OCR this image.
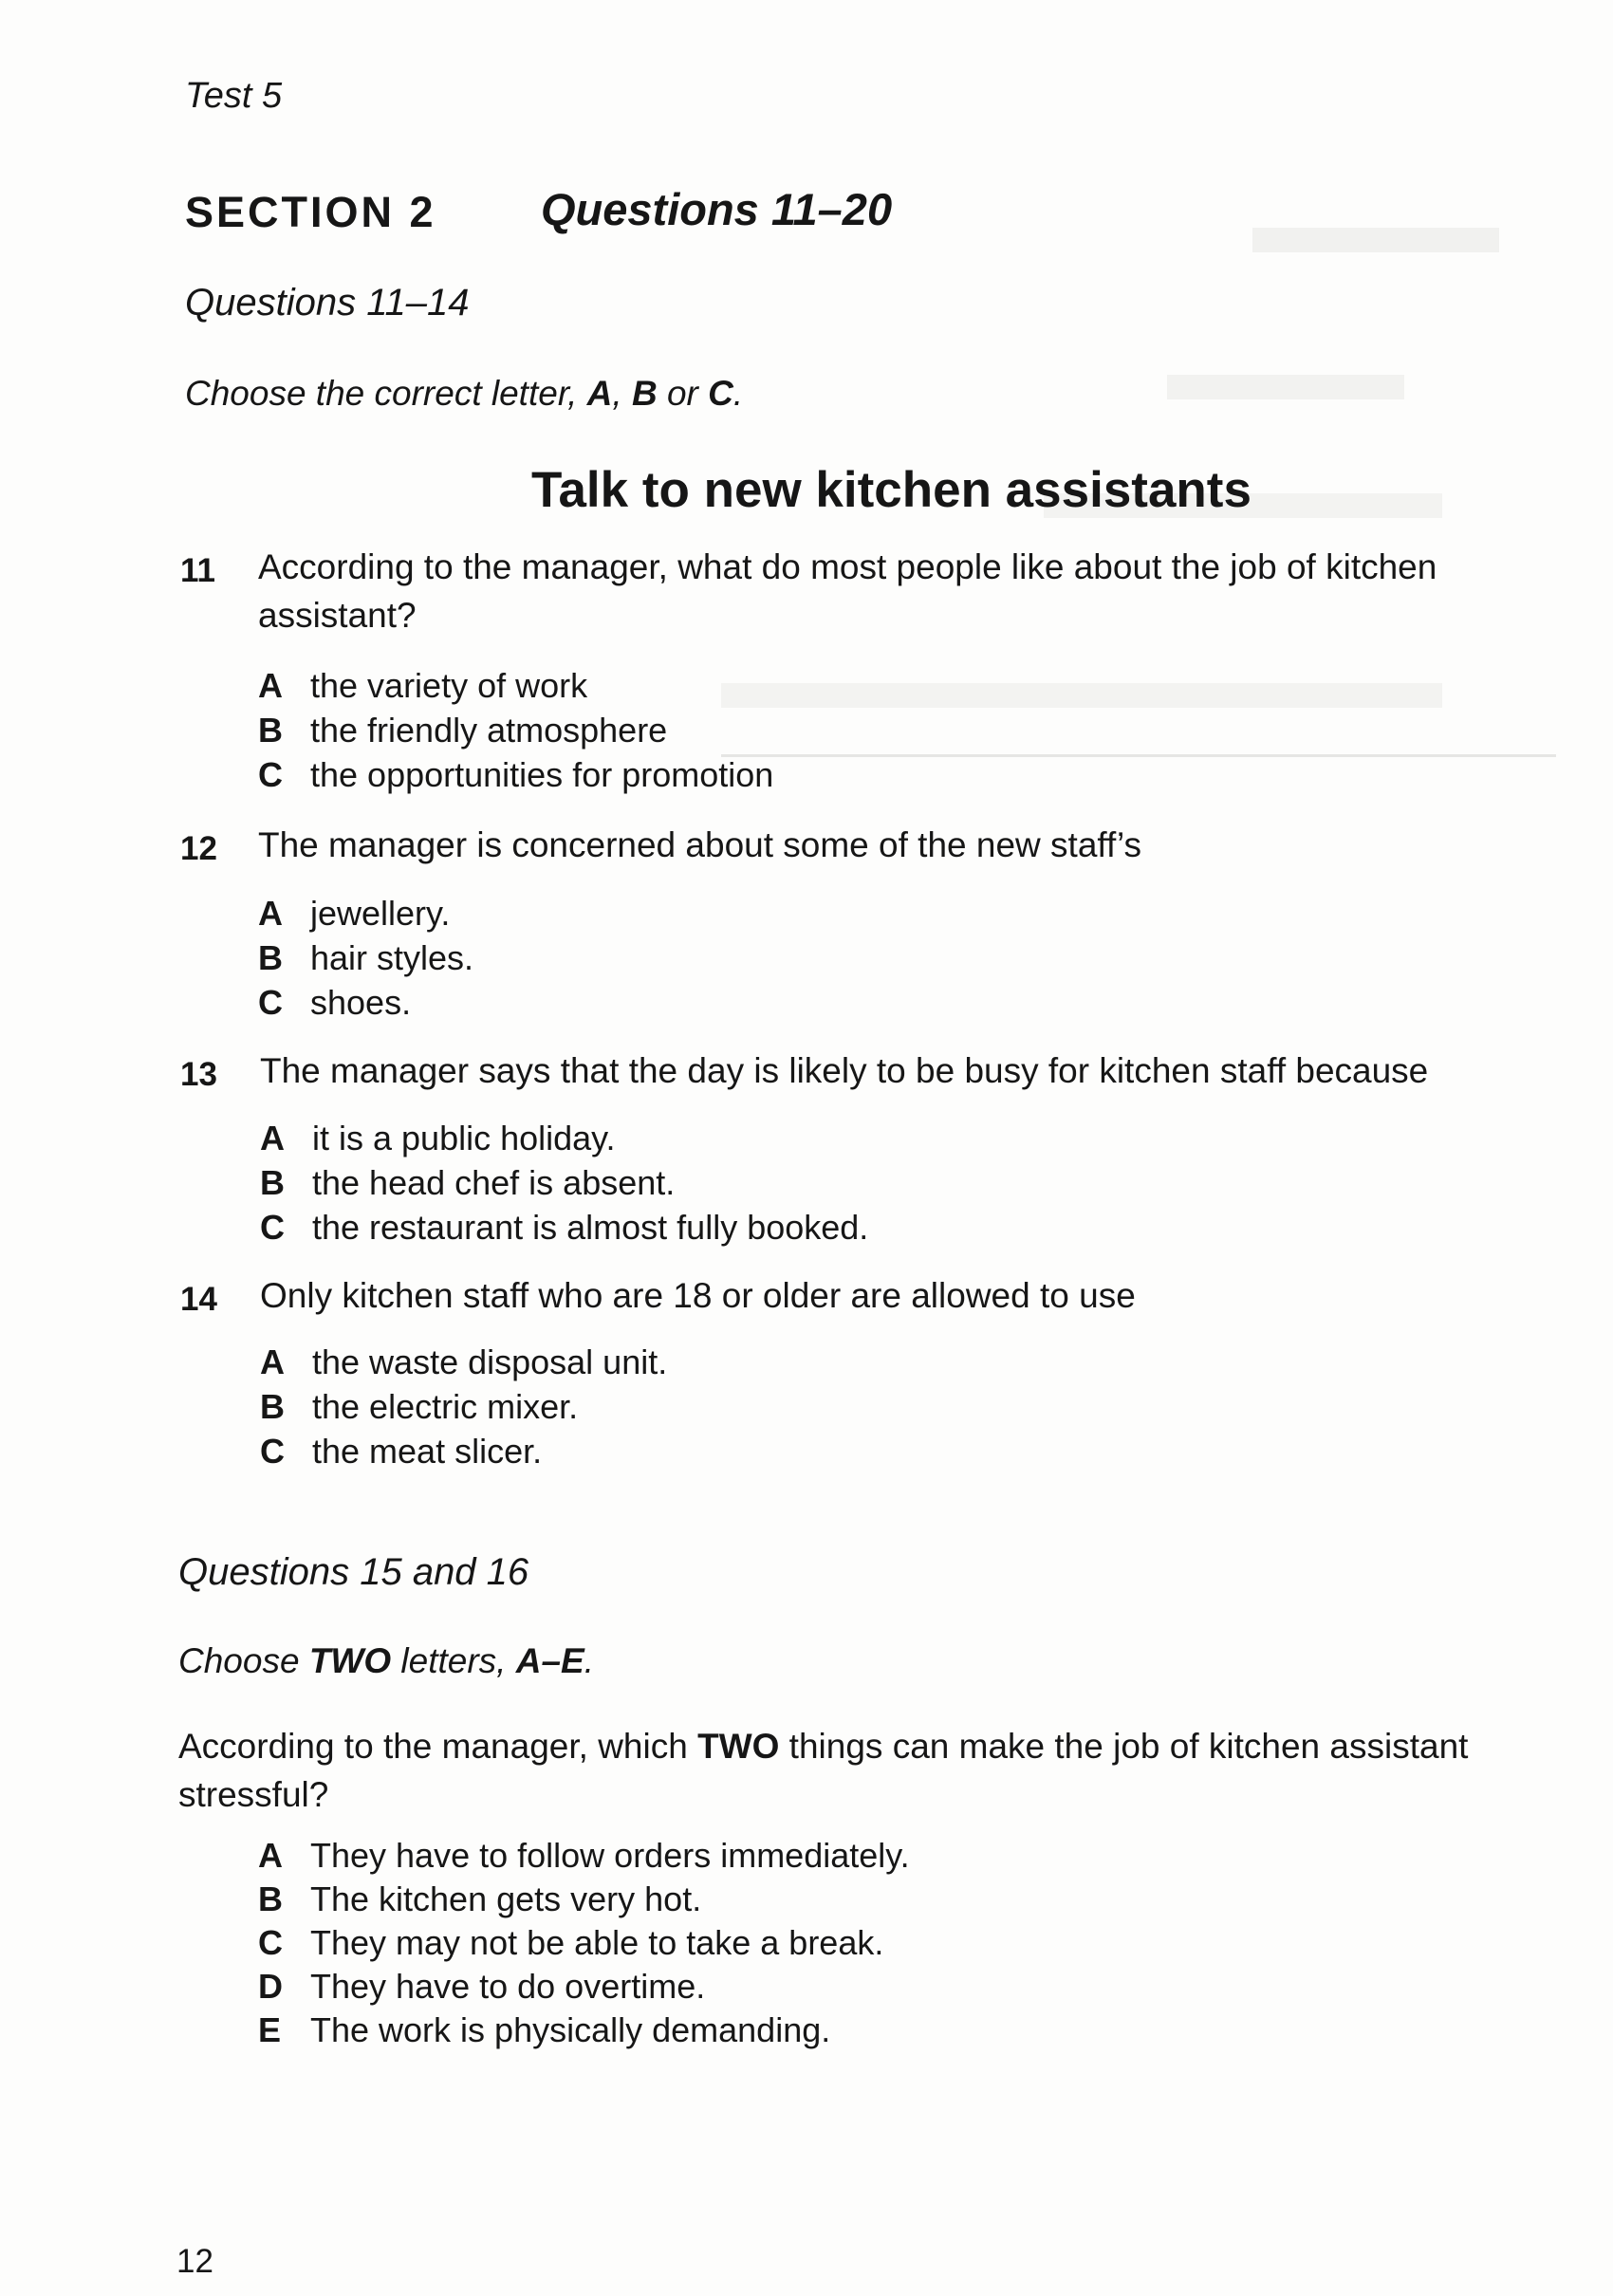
Test 5
SECTION 2 Questions 11–20
Questions 11–14
Choose the correct letter, A, B or C.
Talk to new kitchen assistants
11	According to the manager, what do most people like about the job of kitchen assistant?
A the variety of work
B the friendly atmosphere
C the opportunities for promotion
12	The manager is concerned about some of the new staff’s
A jewellery.
B hair styles.
C shoes.
13	The manager says that the day is likely to be busy for kitchen staff because
A it is a public holiday.
B the head chef is absent.
C the restaurant is almost fully booked.
14	Only kitchen staff who are 18 or older are allowed to use
A the waste disposal unit.
B the electric mixer.
C the meat slicer.
Questions 15 and 16
Choose TWO letters, A–E.
According to the manager, which TWO things can make the job of kitchen assistant stressful?
A They have to follow orders immediately.
B The kitchen gets very hot.
C They may not be able to take a break.
D They have to do overtime.
E The work is physically demanding.
12
